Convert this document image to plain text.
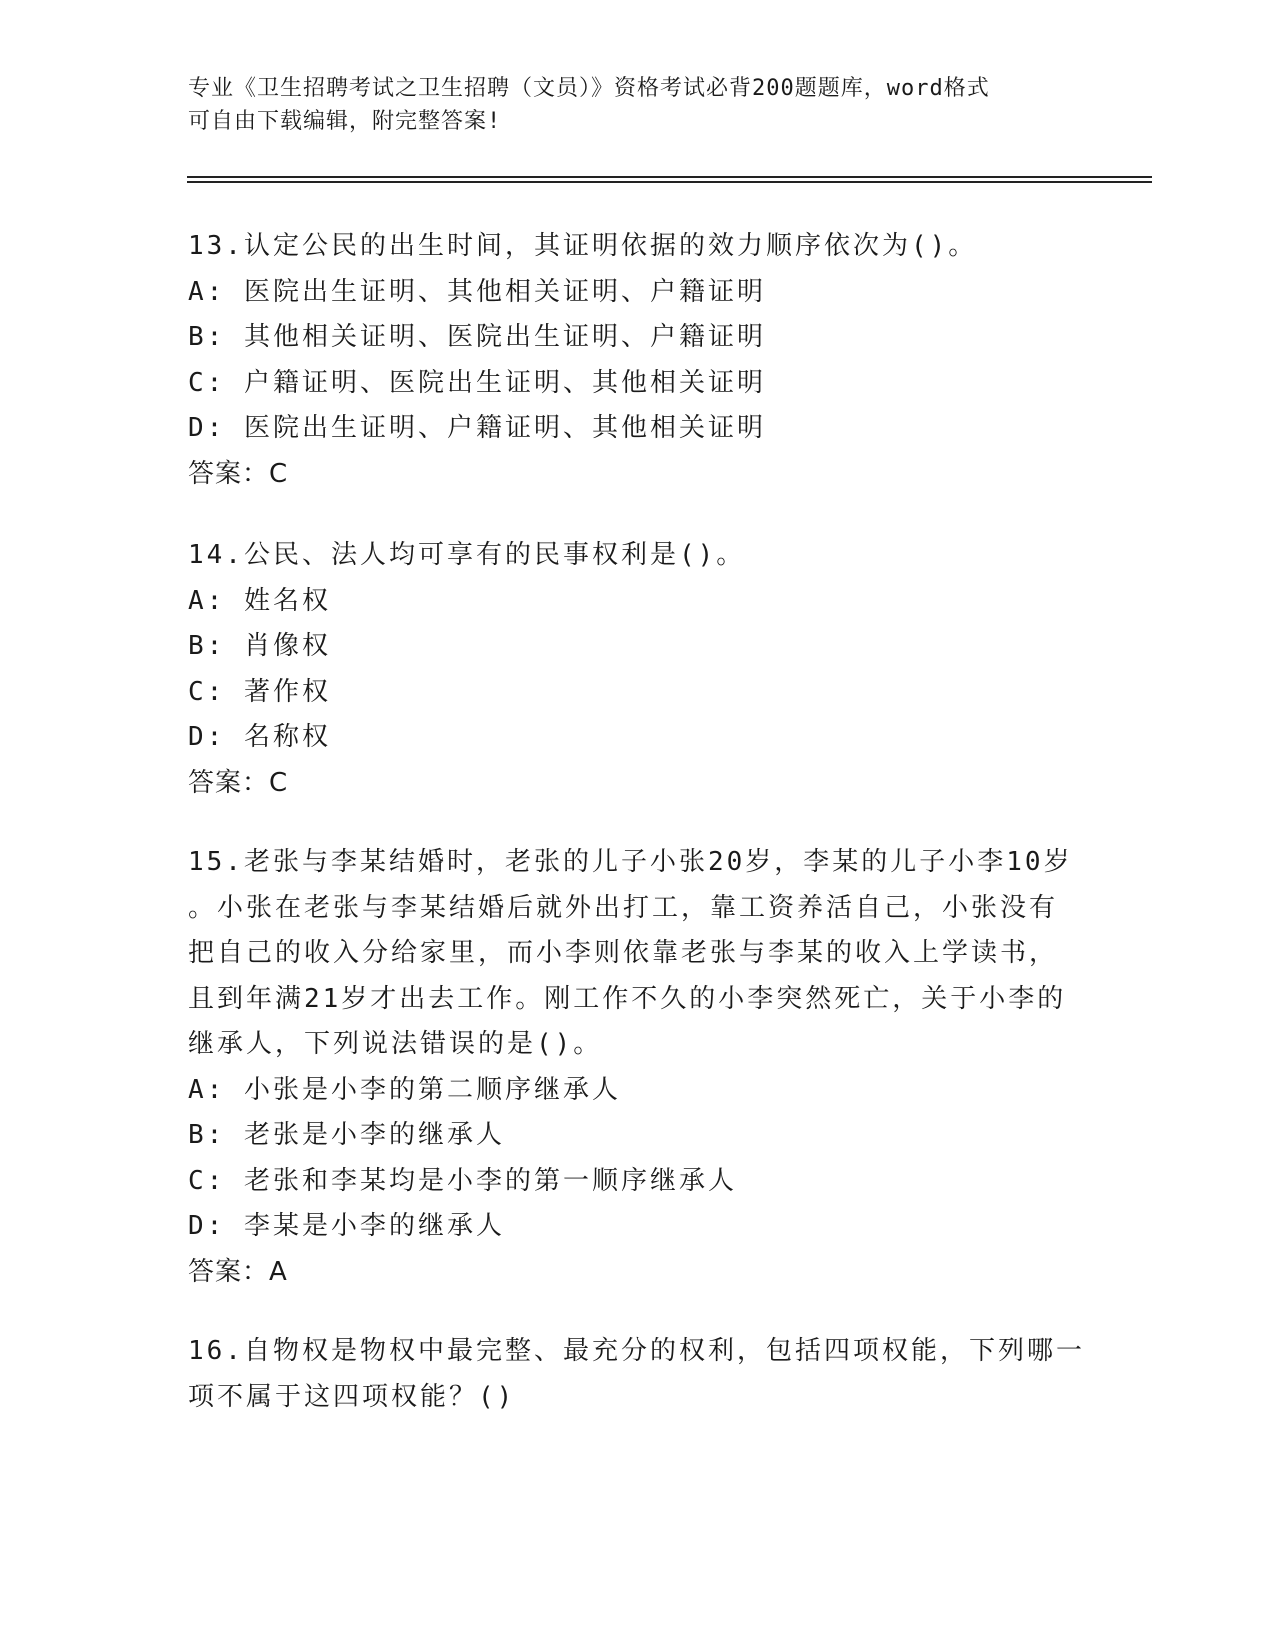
专业《卫生招聘考试之卫生招聘（文员）》资格考试必背200题题库，word格式
可自由下载编辑，附完整答案!
13.认定公民的出生时间，其证明依据的效力顺序依次为()。
A: 医院出生证明、其他相关证明、户籍证明
B: 其他相关证明、医院出生证明、户籍证明
C: 户籍证明、医院出生证明、其他相关证明
D: 医院出生证明、户籍证明、其他相关证明
答案：C
14.公民、法人均可享有的民事权利是()。
A: 姓名权
B: 肖像权
C: 著作权
D: 名称权
答案：C
15.老张与李某结婚时，老张的儿子小张20岁，李某的儿子小李10岁
。小张在老张与李某结婚后就外出打工，靠工资养活自己，小张没有
把自己的收入分给家里，而小李则依靠老张与李某的收入上学读书，
且到年满21岁才出去工作。刚工作不久的小李突然死亡，关于小李的
继承人，下列说法错误的是()。
A: 小张是小李的第二顺序继承人
B: 老张是小李的继承人
C: 老张和李某均是小李的第一顺序继承人
D: 李某是小李的继承人
答案：A
16.自物权是物权中最完整、最充分的权利，包括四项权能，下列哪一
项不属于这四项权能？()
